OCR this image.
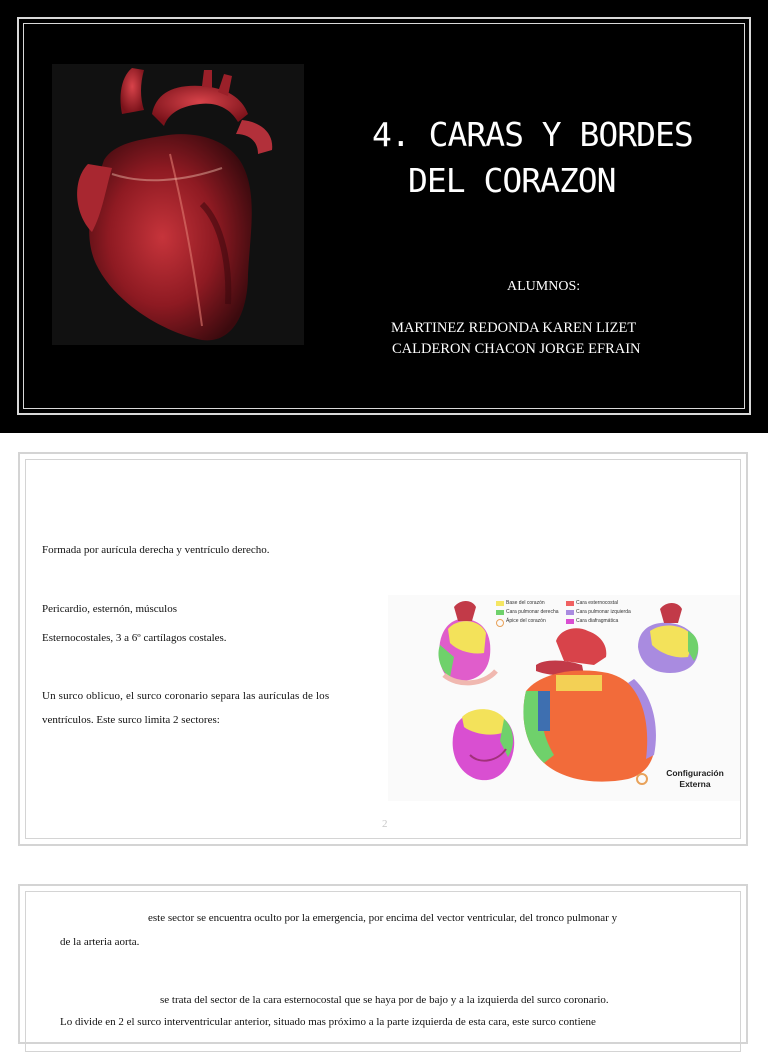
4. CARAS Y BORDES
DEL CORAZON
ALUMNOS:
MARTINEZ REDONDA KAREN LIZET
CALDERON CHACON JORGE EFRAIN
Formada por aurícula derecha y ventrículo derecho.
Pericardio, esternón, músculos
Esternocostales, 3 a 6º cartílagos costales.
Un surco oblicuo, el surco coronario separa las aurículas de los
ventrículos. Este surco limita 2 sectores:
Base del corazón
Cara pulmonar derecha
Ápice del corazón
Cara esternocostal
Cara pulmonar izquierda
Cara diafragmática
Configuración
Externa
2
este sector se encuentra oculto por la emergencia, por encima del vector ventricular, del tronco pulmonar y
de la arteria aorta.
se trata del sector de la cara esternocostal que se haya por de bajo y a la izquierda del surco coronario.
Lo divide en 2 el surco interventricular anterior, situado mas próximo a la parte izquierda de esta cara, este surco contiene
